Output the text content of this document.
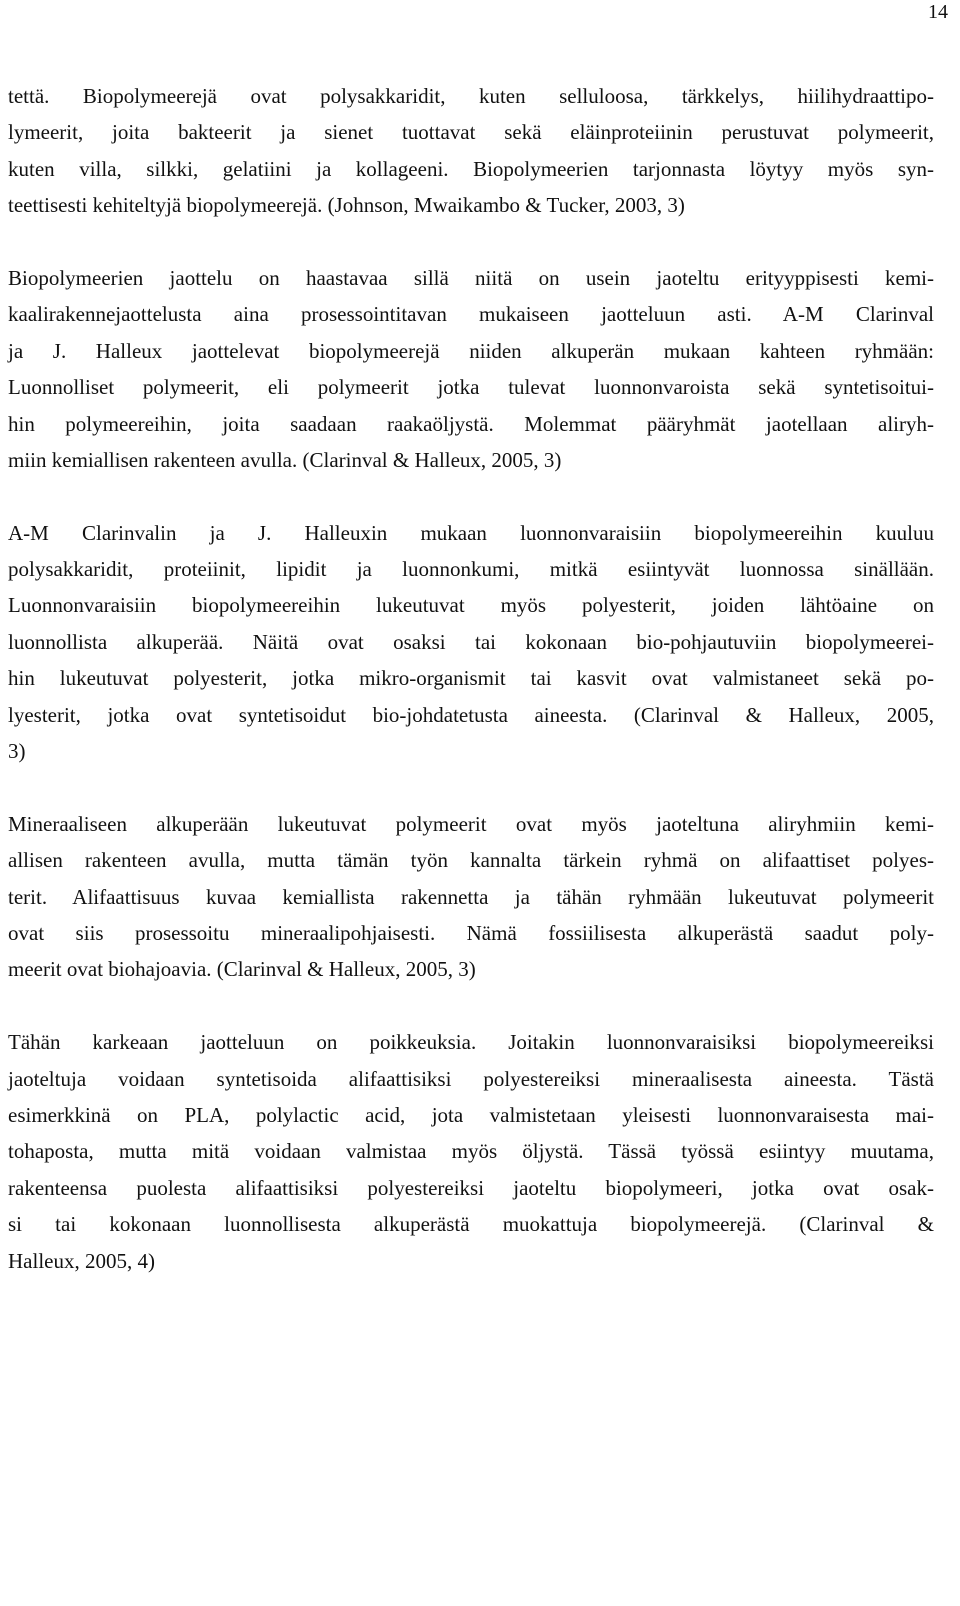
14

tettä. Biopolymeerejä ovat polysakkaridit, kuten selluloosa, tärkkelys, hiilihydraattipo-
lymeerit, joita bakteerit ja sienet tuottavat sekä eläinproteiinin perustuvat polymeerit,
kuten villa, silkki, gelatiini ja kollageeni. Biopolymeerien tarjonnasta löytyy myös syn-
teettisesti kehiteltyjä biopolymeerejä. (Johnson, Mwaikambo & Tucker, 2003, 3)

Biopolymeerien jaottelu on haastavaa sillä niitä on usein jaoteltu erityyppisesti kemi-
kaalirakennejaottelusta aina prosessointitavan mukaiseen jaotteluun asti. A-M Clarinval
ja J. Halleux jaottelevat biopolymeerejä niiden alkuperän mukaan kahteen ryhmään:
Luonnolliset polymeerit, eli polymeerit jotka tulevat luonnonvaroista sekä syntetisoitui-
hin polymeereihin, joita saadaan raakaöljystä. Molemmat pääryhmät jaotellaan aliryh-
miin kemiallisen rakenteen avulla. (Clarinval & Halleux, 2005, 3)

A-M Clarinvalin ja J. Halleuxin mukaan luonnonvaraisiin biopolymeereihin kuuluu
polysakkaridit, proteiinit, lipidit ja luonnonkumi, mitkä esiintyvät luonnossa sinällään.
Luonnonvaraisiin biopolymeereihin lukeutuvat myös polyesterit, joiden lähtöaine on
luonnollista alkuperää. Näitä ovat osaksi tai kokonaan bio-pohjautuviin biopolymeerei-
hin lukeutuvat polyesterit, jotka mikro-organismit tai kasvit ovat valmistaneet sekä po-
lyesterit, jotka ovat syntetisoidut bio-johdatetusta aineesta. (Clarinval & Halleux, 2005,
3)

Mineraaliseen alkuperään lukeutuvat polymeerit ovat myös jaoteltuna aliryhmiin kemi-
allisen rakenteen avulla, mutta tämän työn kannalta tärkein ryhmä on alifaattiset polyes-
terit. Alifaattisuus kuvaa kemiallista rakennetta ja tähän ryhmään lukeutuvat polymeerit
ovat siis prosessoitu mineraalipohjaisesti. Nämä fossiilisesta alkuperästä saadut poly-
meerit ovat biohajoavia. (Clarinval & Halleux, 2005, 3)

Tähän karkeaan jaotteluun on poikkeuksia. Joitakin luonnonvaraisiksi biopolymeereiksi
jaoteltuja voidaan syntetisoida alifaattisiksi polyestereiksi mineraalisesta aineesta. Tästä
esimerkkinä on PLA, polylactic acid, jota valmistetaan yleisesti luonnonvaraisesta mai-
tohaposta, mutta mitä voidaan valmistaa myös öljystä. Tässä työssä esiintyy muutama,
rakenteensa puolesta alifaattisiksi polyestereiksi jaoteltu biopolymeeri, jotka ovat osak-
si tai kokonaan luonnollisesta alkuperästä muokattuja biopolymeerejä. (Clarinval &
Halleux, 2005, 4)
